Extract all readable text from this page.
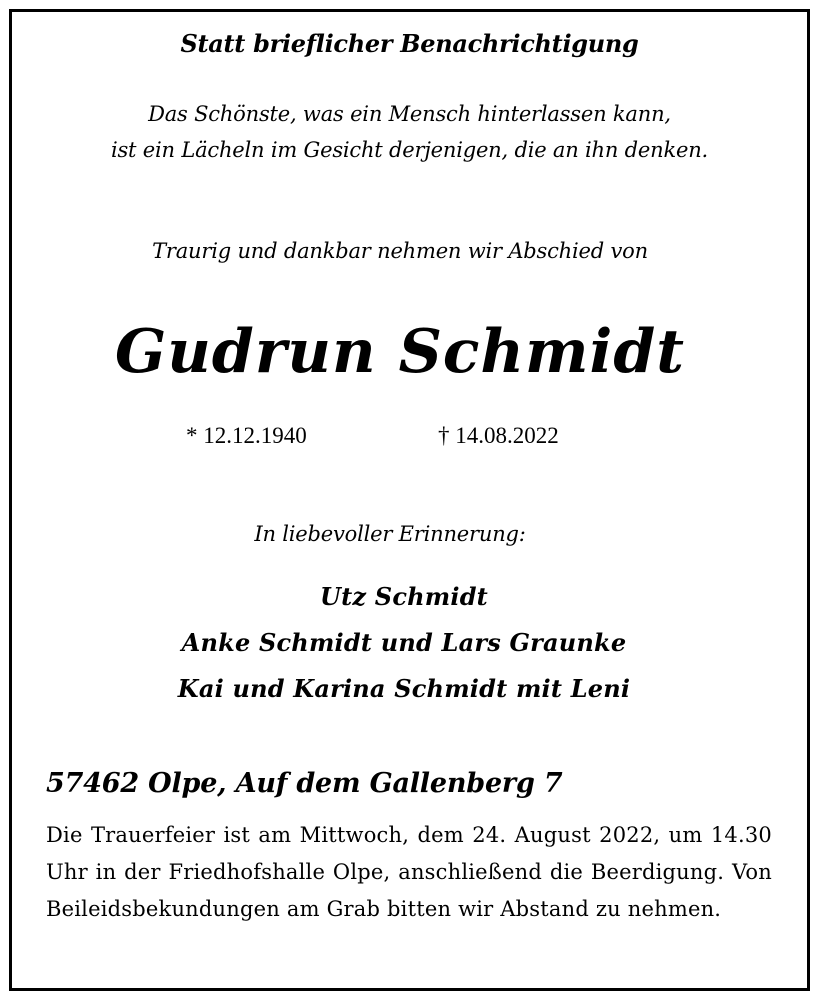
Statt brieflicher Benachrichtigung
Das Schönste, was ein Mensch hinterlassen kann,
ist ein Lächeln im Gesicht derjenigen, die an ihn denken.
Traurig und dankbar nehmen wir Abschied von
Gudrun Schmidt
* 12.12.1940	† 14.08.2022
In liebevoller Erinnerung:
Utz Schmidt
Anke Schmidt und Lars Graunke
Kai und Karina Schmidt mit Leni
57462 Olpe, Auf dem Gallenberg 7
Die Trauerfeier ist am Mittwoch, dem 24. August 2022, um 14.30 Uhr in der Friedhofshalle Olpe, anschließend die Beerdigung. Von Beileidsbekundungen am Grab bitten wir Abstand zu nehmen.
